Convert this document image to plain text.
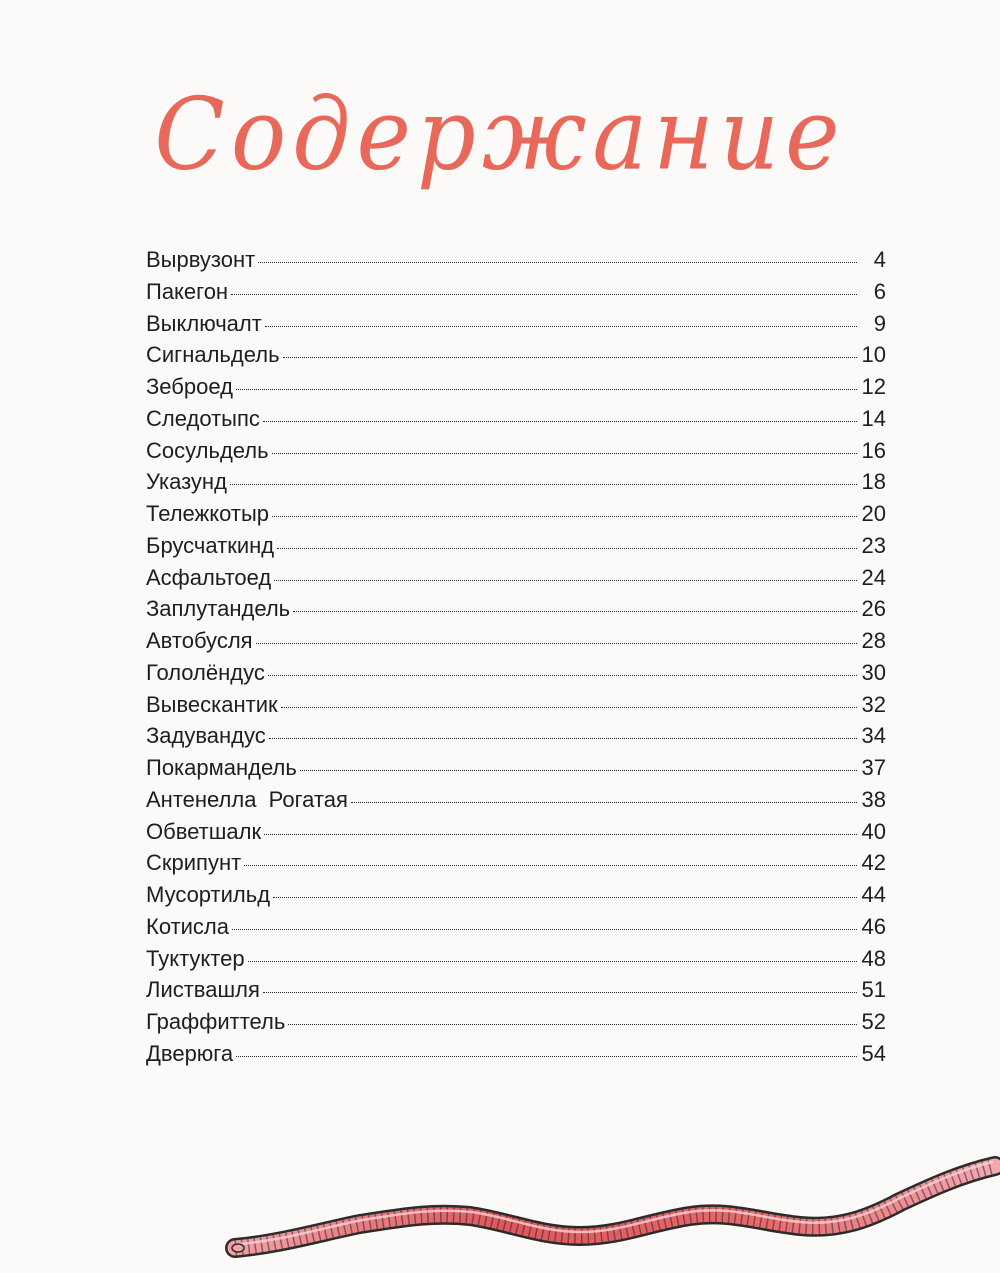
Содержание
Вырвузонт	4
Пакегон	6
Выключалт	9
Сигнальдель	10
Зеброед	12
Следотыпс	14
Сосульдель	16
Указунд	18
Тележкотыр	20
Брусчаткинд	23
Асфальтоед	24
Заплутандель	26
Автобусля	28
Гололёндус	30
Вывескантик	32
Задувандус	34
Покармандель	37
Антенелла  Рогатая	38
Обветшалк	40
Скрипунт	42
Мусортильд	44
Котисла	46
Туктуктер	48
Листвашля	51
Граффиттель	52
Дверюга	54
